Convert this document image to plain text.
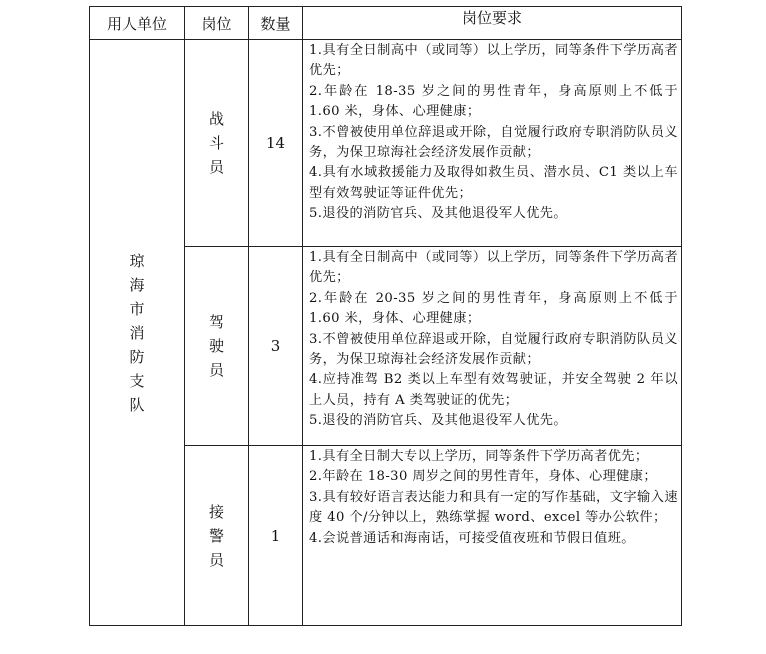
用人单位	岗位	数量	岗位要求
琼海市消防支队	战斗员	14	1.具有全日制高中（或同等）以上学历，同等条件下学历高者优先；

2.年龄在 18-35 岁之间的男性青年，身高原则上不低于 1.60 米，身体、心理健康；

3.不曾被使用单位辞退或开除，自觉履行政府专职消防队员义务，为保卫琼海社会经济发展作贡献；

4.具有水域救援能力及取得如救生员、潜水员、C1 类以上车型有效驾驶证等证件优先；

5.退役的消防官兵、及其他退役军人优先。

	驾驶员	3	1.具有全日制高中（或同等）以上学历，同等条件下学历高者优先；

2.年龄在 20-35 岁之间的男性青年，身高原则上不低于 1.60 米，身体、心理健康；

3.不曾被使用单位辞退或开除，自觉履行政府专职消防队员义务，为保卫琼海社会经济发展作贡献；

4.应持准驾 B2 类以上车型有效驾驶证，并安全驾驶 2 年以上人员，持有 A 类驾驶证的优先；

5.退役的消防官兵、及其他退役军人优先。

	接警员	1	1.具有全日制大专以上学历，同等条件下学历高者优先；

2.年龄在 18-30 周岁之间的男性青年，身体、心理健康；

3.具有较好语言表达能力和具有一定的写作基础，文字输入速度 40 个/分钟以上，熟练掌握 word、excel 等办公软件；

4.会说普通话和海南话，可接受值夜班和节假日值班。
